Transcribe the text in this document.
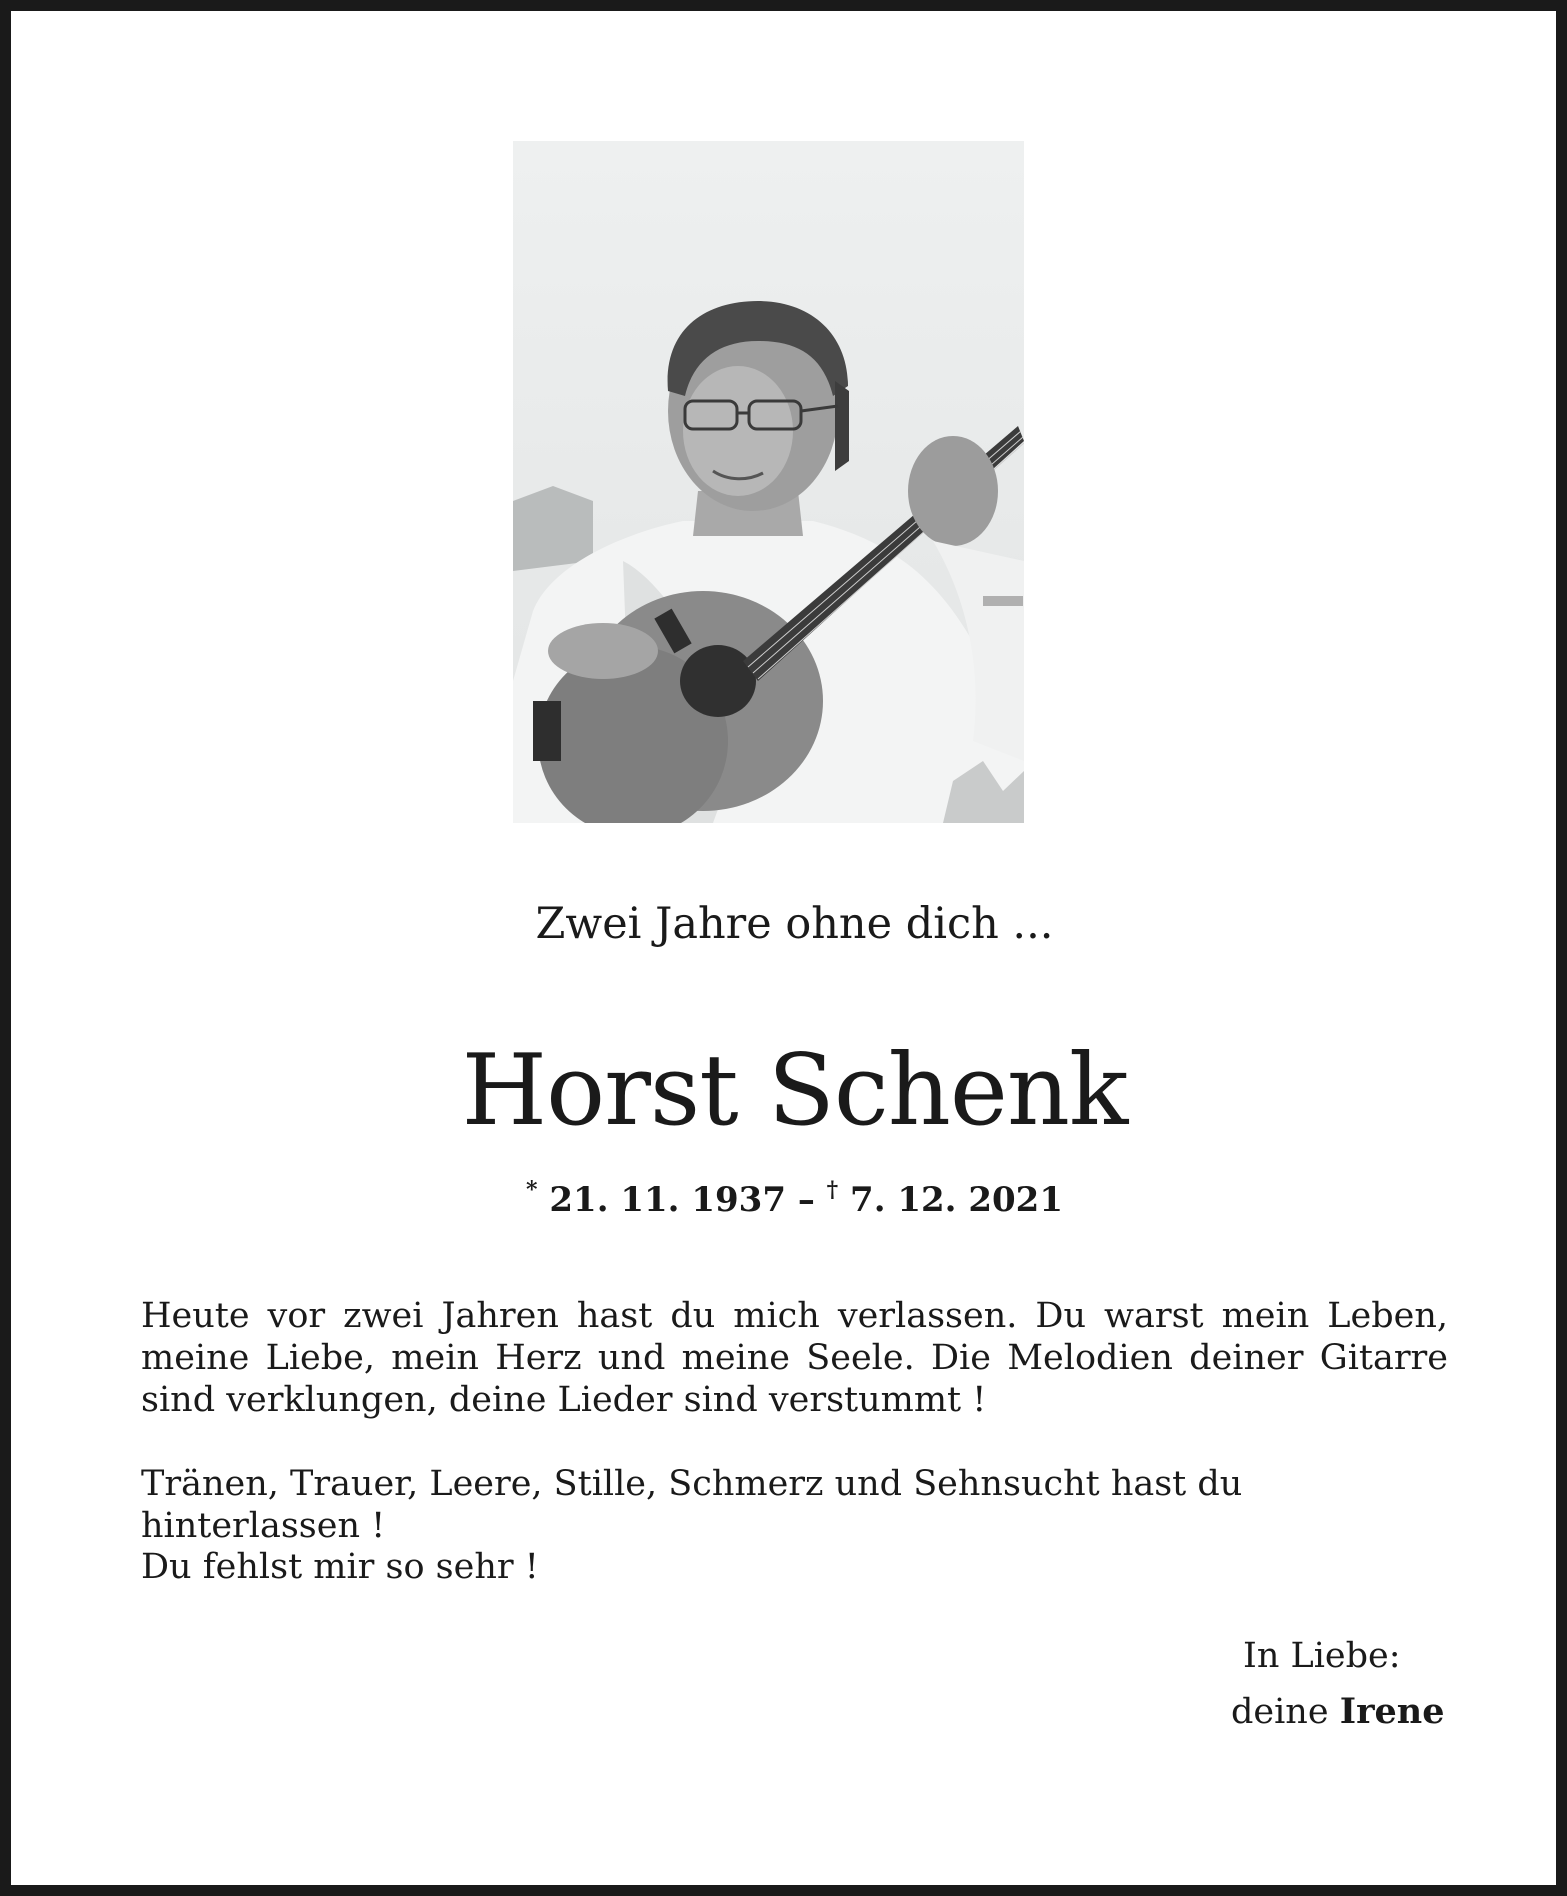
Zwei Jahre ohne dich ...
Horst Schenk
* 21. 11. 1937 – † 7. 12. 2021

Heute vor zwei Jahren hast du mich verlassen. Du warst mein Leben, meine Liebe, mein Herz und meine Seele. Die Melodien deiner Gitarre sind verklungen, deine Lieder sind verstummt !

Tränen, Trauer, Leere, Stille, Schmerz und Sehnsucht hast du hinterlassen !

Du fehlst mir so sehr !

In Liebe:
deine Irene
